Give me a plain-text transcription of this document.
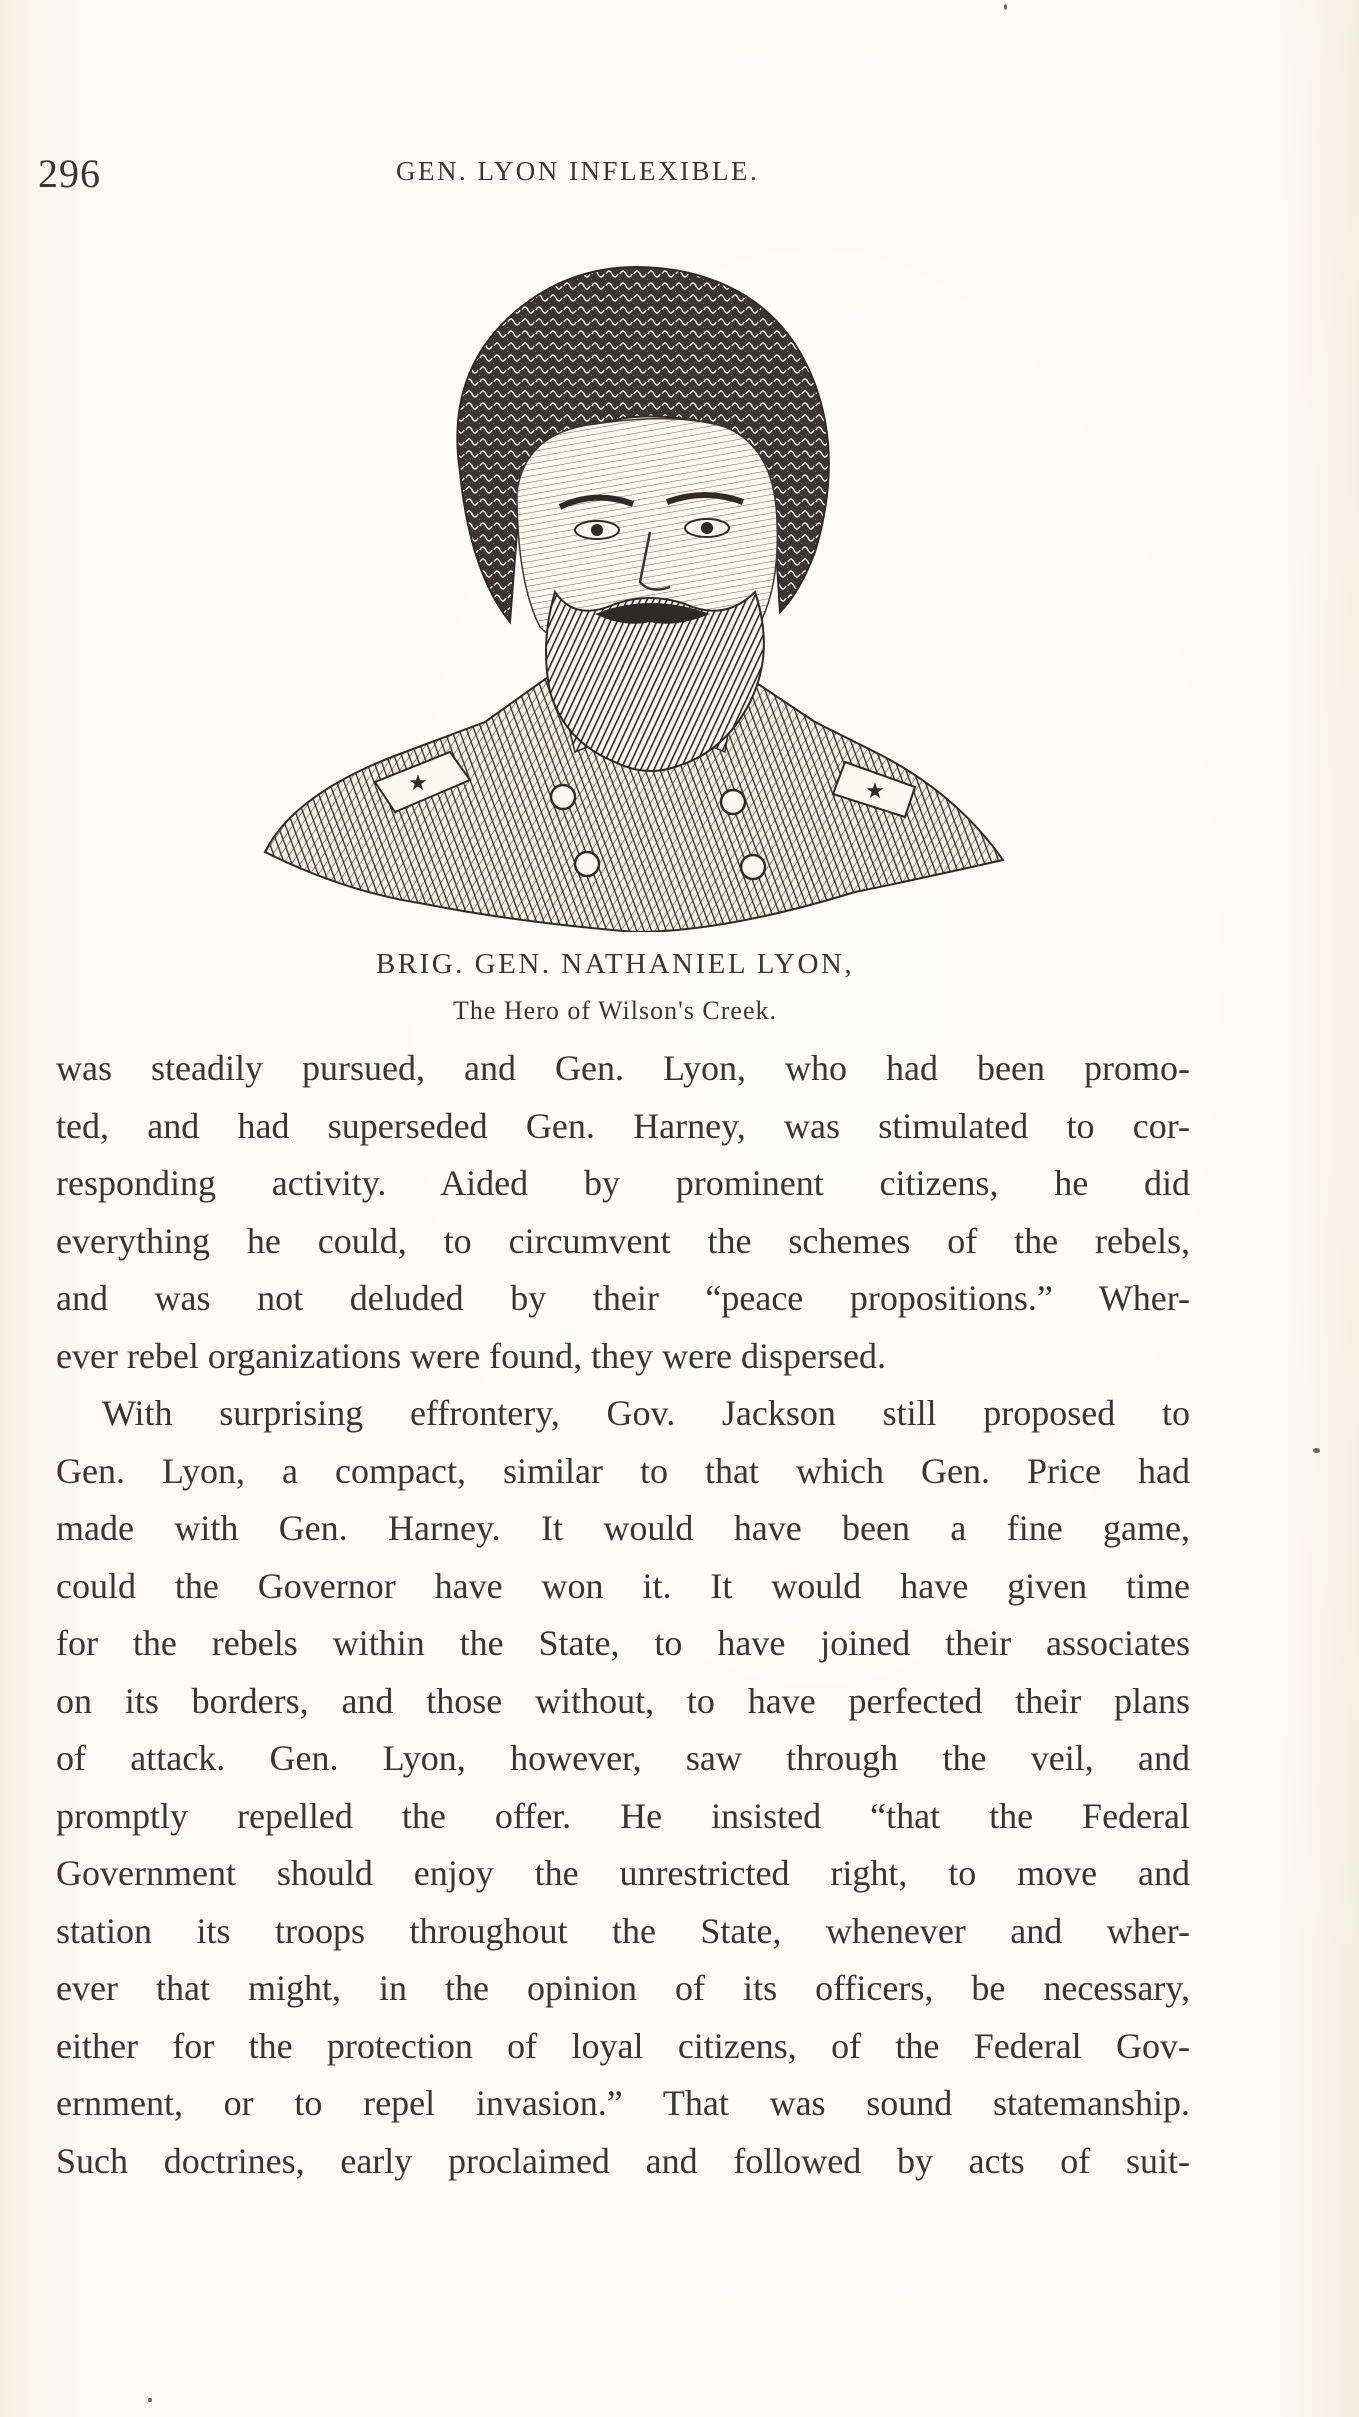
296	GEN. LYON INFLEXIBLE.
★	★
BRIG. GEN. NATHANIEL LYON,
The Hero of Wilson's Creek.
was steadily pursued, and Gen. Lyon, who had been promo-
ted, and had superseded Gen. Harney, was stimulated to cor-
responding activity. Aided by prominent citizens, he did
everything he could, to circumvent the schemes of the rebels,
and was not deluded by their “peace propositions.” Wher-
ever rebel organizations were found, they were dispersed.
With surprising effrontery, Gov. Jackson still proposed to
Gen. Lyon, a compact, similar to that which Gen. Price had
made with Gen. Harney. It would have been a fine game,
could the Governor have won it. It would have given time
for the rebels within the State, to have joined their associates
on its borders, and those without, to have perfected their plans
of attack. Gen. Lyon, however, saw through the veil, and
promptly repelled the offer. He insisted “that the Federal
Government should enjoy the unrestricted right, to move and
station its troops throughout the State, whenever and wher-
ever that might, in the opinion of its officers, be necessary,
either for the protection of loyal citizens, of the Federal Gov-
ernment, or to repel invasion.” That was sound statemanship.
Such doctrines, early proclaimed and followed by acts of suit-
